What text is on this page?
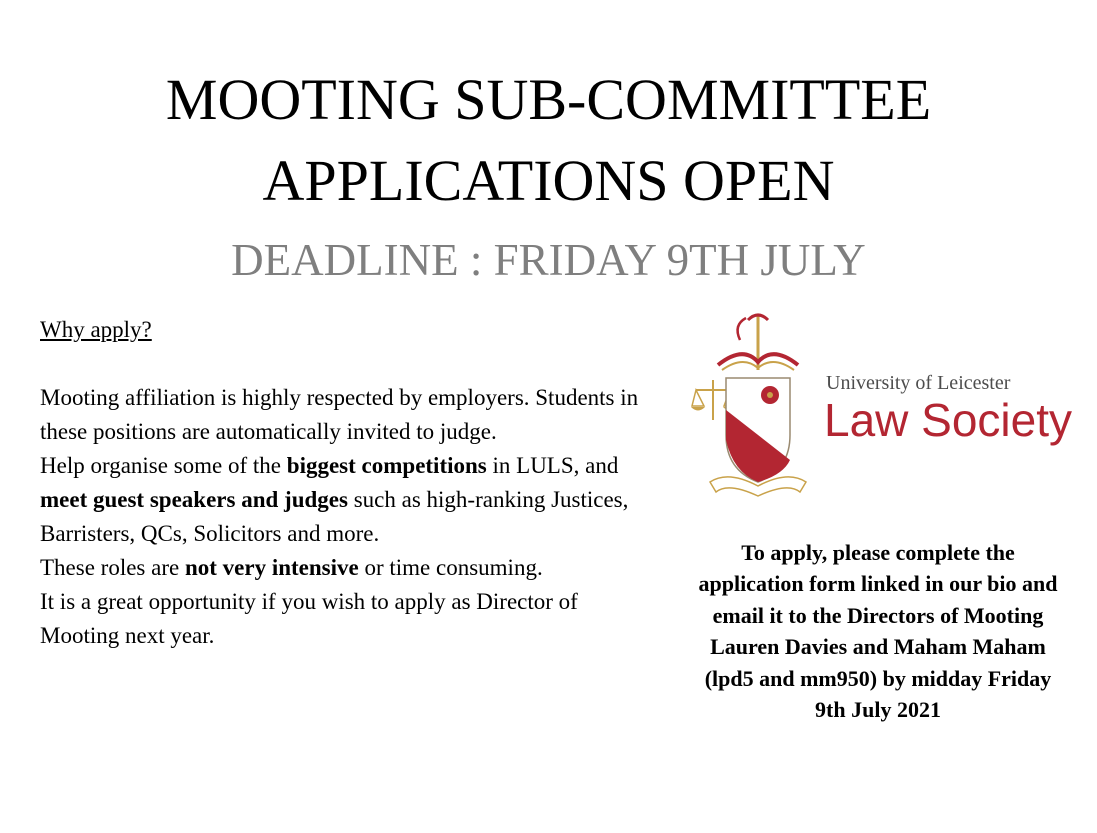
MOOTING SUB-COMMITTEE
APPLICATIONS OPEN
DEADLINE : FRIDAY 9TH JULY

Why apply?

Mooting affiliation is highly respected by employers. Students in these positions are automatically invited to judge.

Help organise some of the biggest competitions in LULS, and meet guest speakers and judges such as high-ranking Justices, Barristers, QCs, Solicitors and more.

These roles are not very intensive or time consuming.

It is a great opportunity if you wish to apply as Director of Mooting next year.

University of Leicester
Law Society
To apply, please complete the application form linked in our bio and email it to the Directors of Mooting Lauren Davies and Maham Maham (lpd5 and mm950) by midday Friday 9th July 2021
